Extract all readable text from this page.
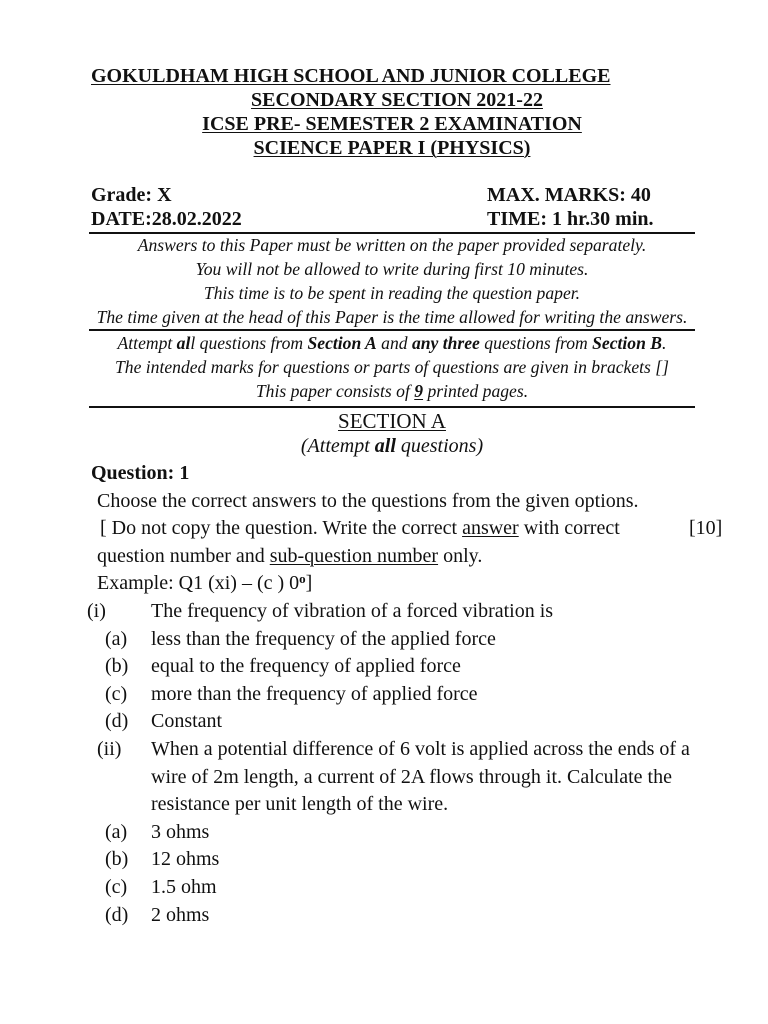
GOKULDHAM HIGH SCHOOL AND JUNIOR COLLEGE
SECONDARY SECTION 2021-22
ICSE PRE- SEMESTER 2 EXAMINATION
SCIENCE PAPER I (PHYSICS)
Grade: X	MAX. MARKS: 40
DATE:28.02.2022	TIME: 1 hr.30 min.
Answers to this Paper must be written on the paper provided separately.
You will not be allowed to write during first 10 minutes.
This time is to be spent in reading the question paper.
The time given at the head of this Paper is the time allowed for writing the answers.
Attempt all questions from Section A and any three questions from Section B.
The intended marks for questions or parts of questions are given in brackets []
This paper consists of 9 printed pages.
SECTION A
(Attempt all questions)
Question: 1
Choose the correct answers to the questions from the given options.
[ Do not copy the question. Write the correct answer with correct	[10]
question number and sub-question number only.
Example: Q1 (xi) – (c ) 0$^o$]
(i) The frequency of vibration of a forced vibration is
(a) less than the frequency of the applied force
(b) equal to the frequency of applied force
(c) more than the frequency of applied force
(d) Constant
(ii) When a potential difference of 6 volt is applied across the ends of a
wire of 2m length, a current of 2A flows through it. Calculate the
resistance per unit length of the wire.
(a) 3 ohms
(b) 12 ohms
(c) 1.5 ohm
(d) 2 ohms
